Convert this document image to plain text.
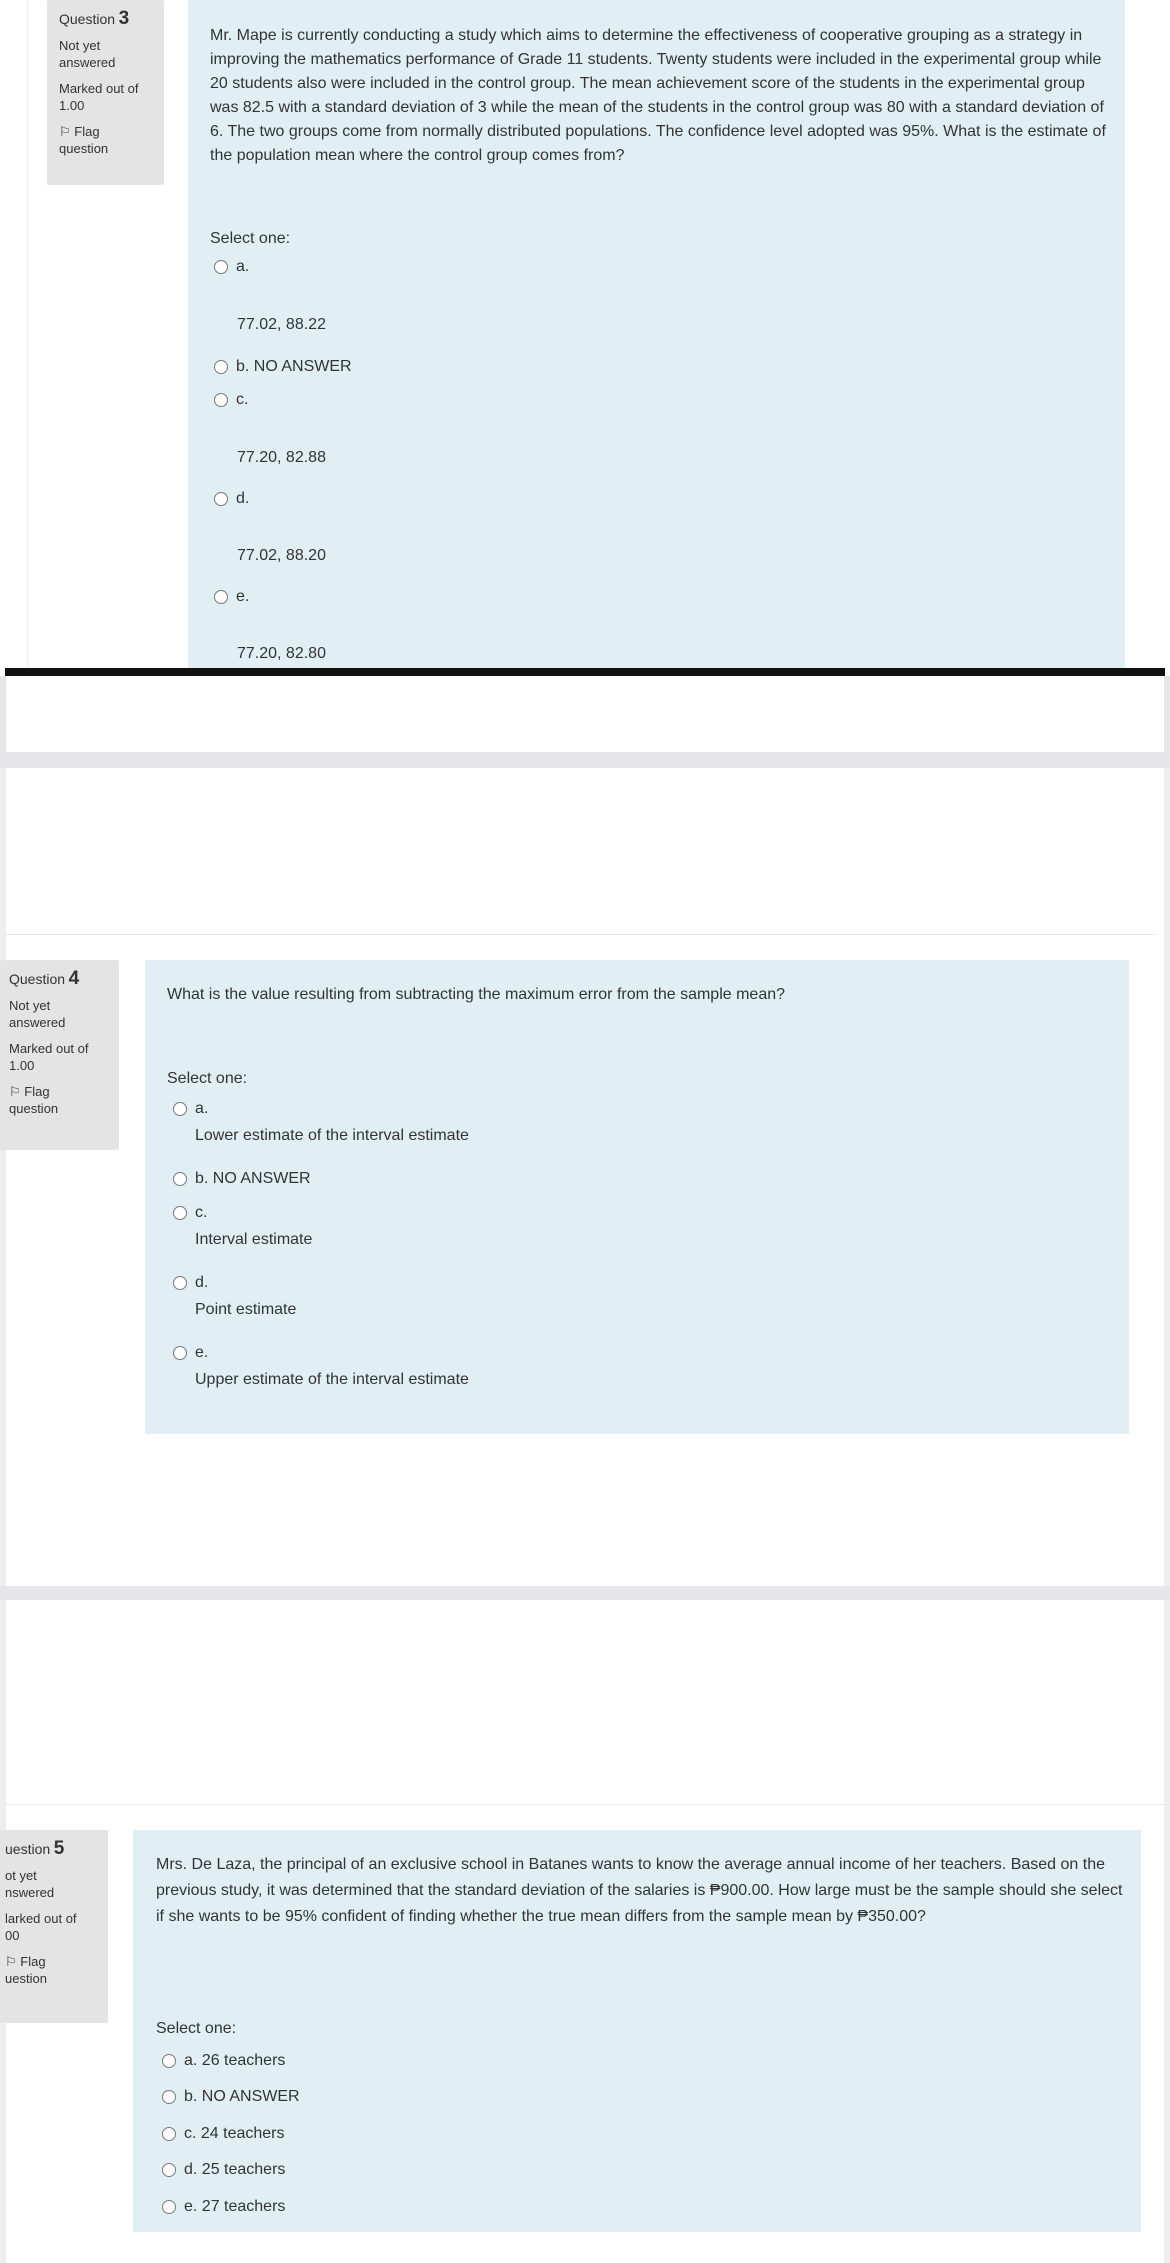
Question 3
Not yet
answered
Marked out of
1.00
⚐ Flag
question
Mr. Mape is currently conducting a study which aims to determine the effectiveness of cooperative grouping as a strategy in improving the mathematics performance of Grade 11 students. Twenty students were included in the experimental group while 20 students also were included in the control group. The mean achievement score of the students in the experimental group was 82.5 with a standard deviation of 3 while the mean of the students in the control group was 80 with a standard deviation of 6. The two groups come from normally distributed populations. The confidence level adopted was 95%. What is the estimate of the population mean where the control group comes from?
Select one:
a.
77.02, 88.22
b. NO ANSWER
c.
77.20, 82.88
d.
77.02, 88.20
e.
77.20, 82.80
Question 4
Not yet
answered
Marked out of
1.00
⚐ Flag
question
What is the value resulting from subtracting the maximum error from the sample mean?
Select one:
a.
Lower estimate of the interval estimate
b. NO ANSWER
c.
Interval estimate
d.
Point estimate
e.
Upper estimate of the interval estimate
uestion 5
ot yet
nswered
larked out of
00
⚐ Flag
uestion
Mrs. De Laza, the principal of an exclusive school in Batanes wants to know the average annual income of her teachers. Based on the previous study, it was determined that the standard deviation of the salaries is ₱900.00. How large must be the sample should she select if she wants to be 95% confident of finding whether the true mean differs from the sample mean by ₱350.00?
Select one:
a. 26 teachers
b. NO ANSWER
c. 24 teachers
d. 25 teachers
e. 27 teachers
